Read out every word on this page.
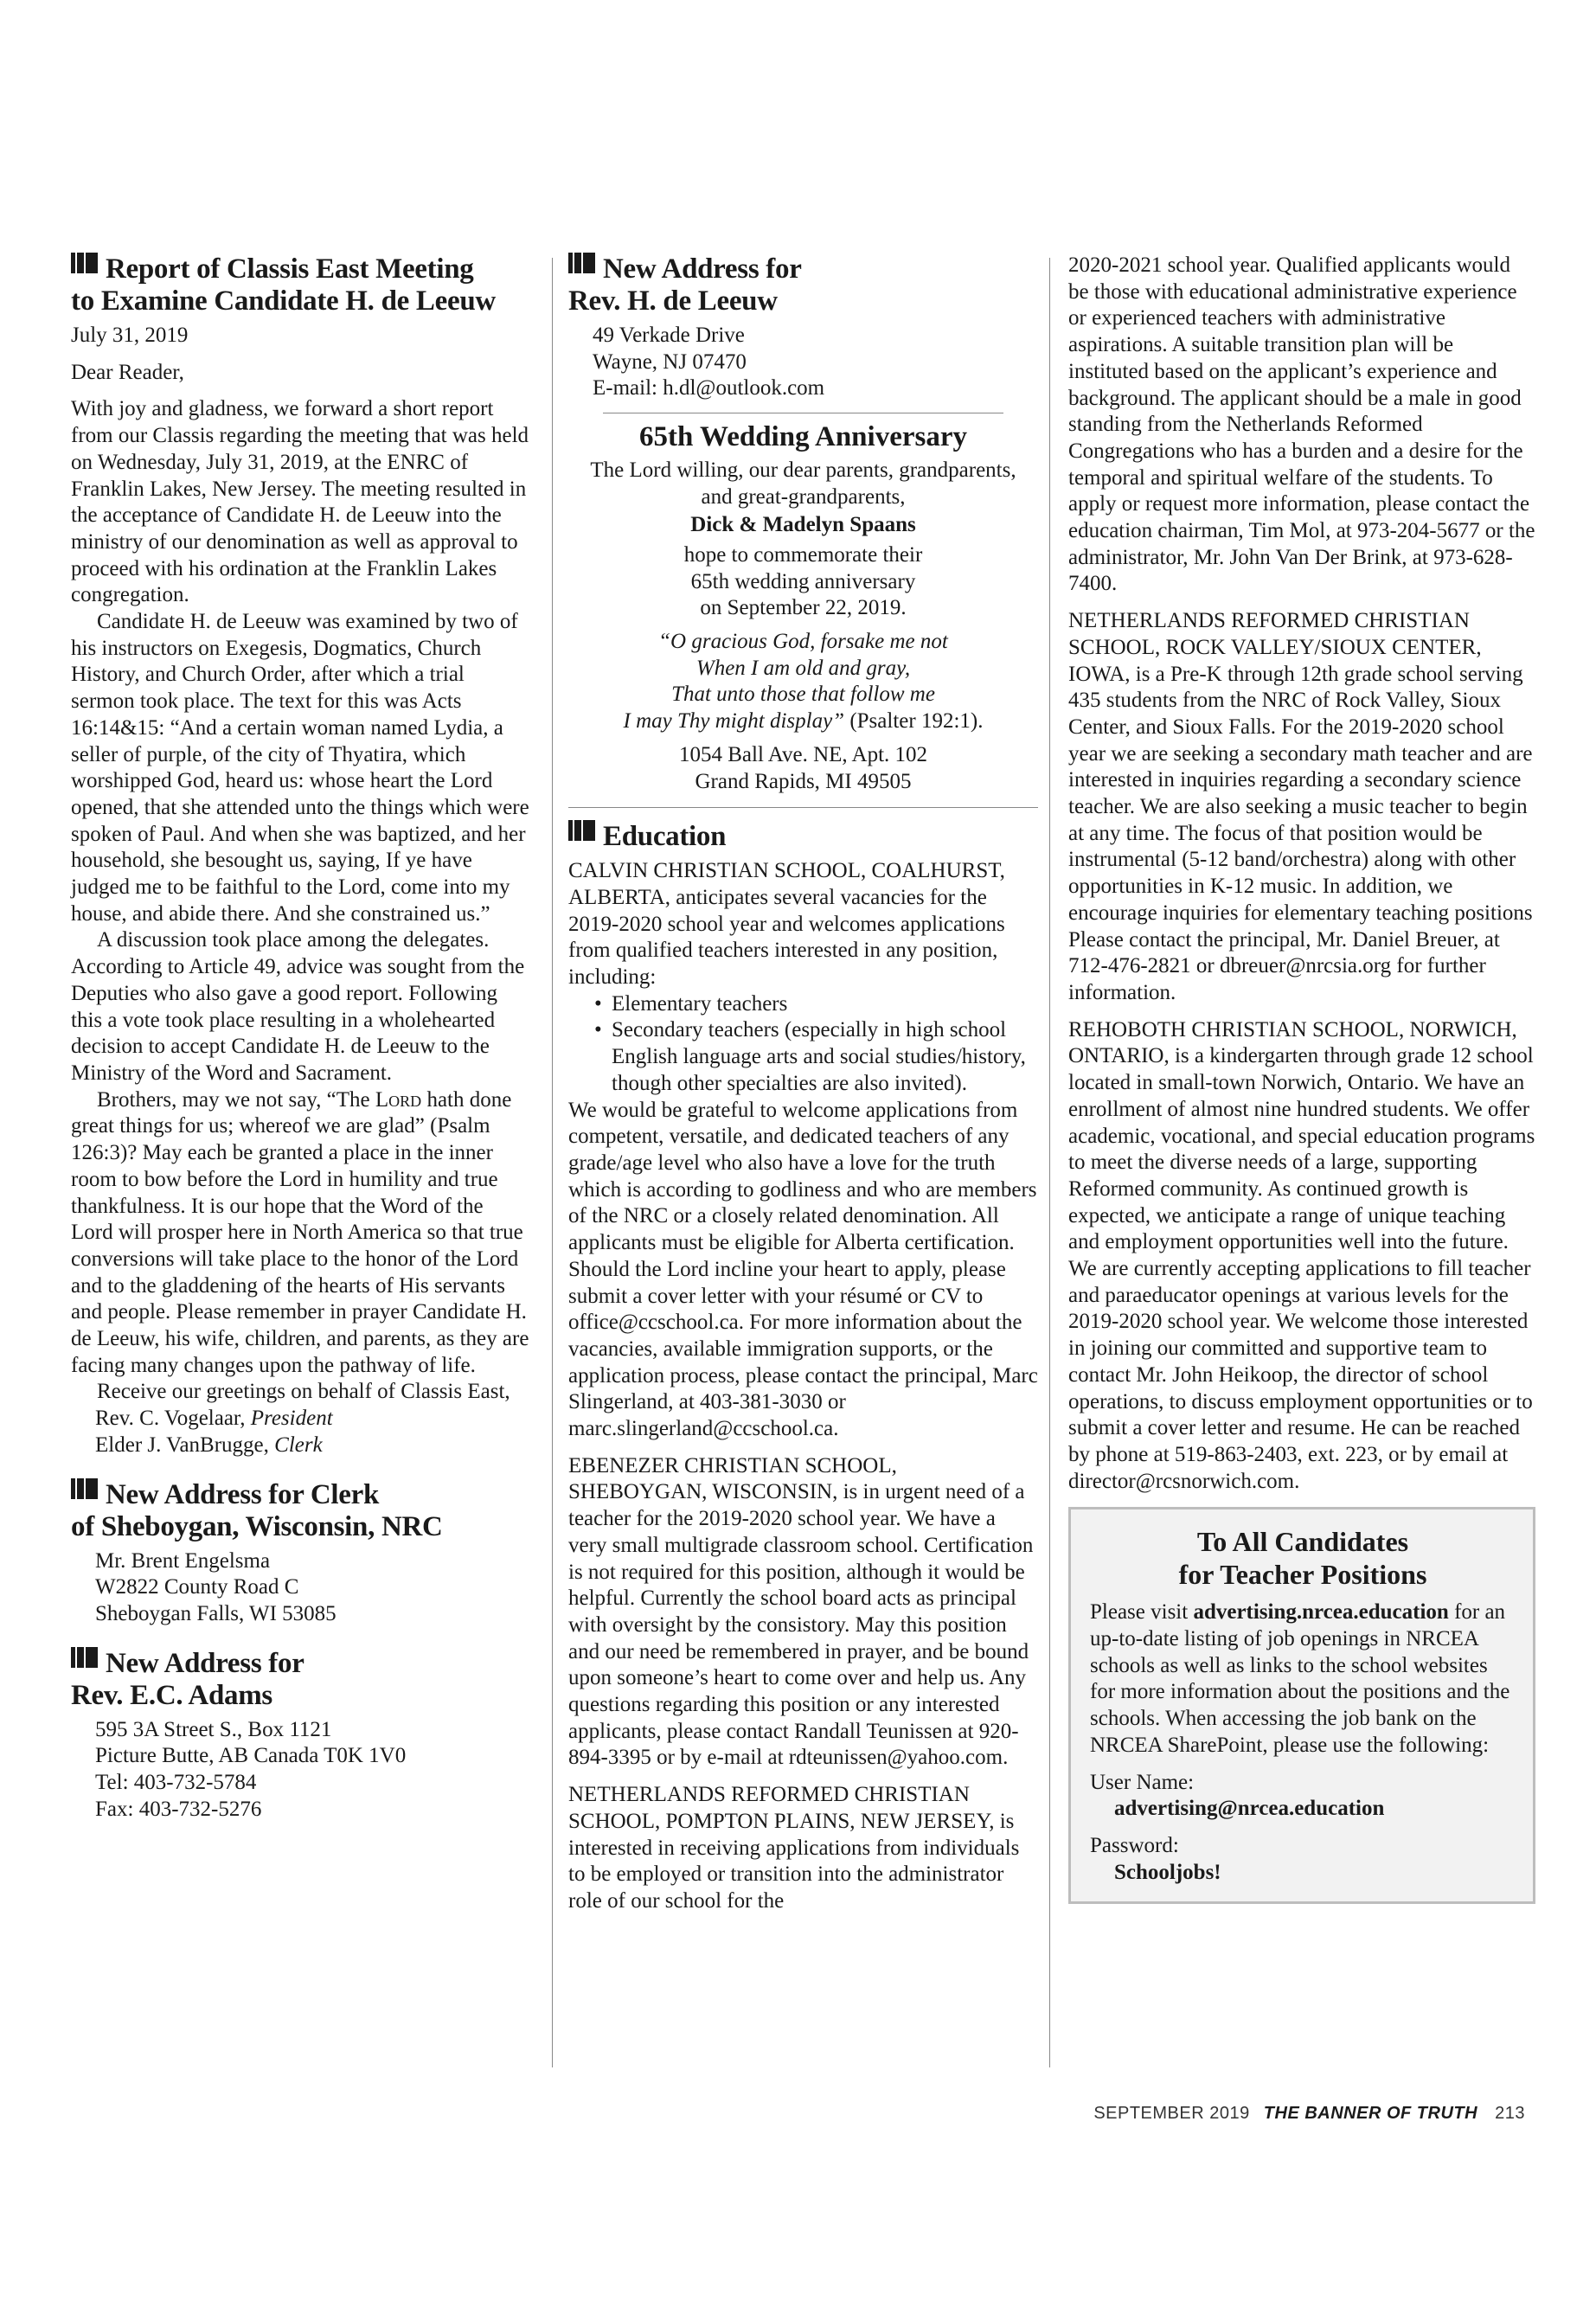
Report of Classis East Meeting
to Examine Candidate H. de Leeuw

July 31, 2019

Dear Reader,

With joy and gladness, we forward a short report from our Classis regarding the meeting that was held on Wednesday, July 31, 2019, at the ENRC of Franklin Lakes, New Jersey. The meeting resulted in the acceptance of Candidate H. de Leeuw into the ministry of our denomination as well as approval to proceed with his ordination at the Franklin Lakes congregation.

Candidate H. de Leeuw was examined by two of his instructors on Exegesis, Dogmatics, Church History, and Church Order, after which a trial sermon took place. The text for this was Acts 16:14&15: “And a certain woman named Lydia, a seller of purple, of the city of Thyatira, which worshipped God, heard us: whose heart the Lord opened, that she attended unto the things which were spoken of Paul. And when she was baptized, and her household, she besought us, saying, If ye have judged me to be faithful to the Lord, come into my house, and abide there. And she constrained us.”

A discussion took place among the delegates. According to Article 49, advice was sought from the Deputies who also gave a good report. Following this a vote took place resulting in a wholehearted decision to accept Candidate H. de Leeuw to the Ministry of the Word and Sacrament.

Brothers, may we not say, “The Lord hath done great things for us; whereof we are glad” (Psalm 126:3)? May each be granted a place in the inner room to bow before the Lord in humility and true thankfulness. It is our hope that the Word of the Lord will prosper here in North America so that true conversions will take place to the honor of the Lord and to the gladdening of the hearts of His servants and people. Please remember in prayer Candidate H. de Leeuw, his wife, children, and parents, as they are facing many changes upon the pathway of life.

Receive our greetings on behalf of Classis East,

Rev. C. Vogelaar, President

Elder J. VanBrugge, Clerk

New Address for Clerk
of Sheboygan, Wisconsin, NRC

Mr. Brent Engelsma

W2822 County Road C

Sheboygan Falls, WI 53085

New Address for
Rev. E.C. Adams

595 3A Street S., Box 1121

Picture Butte, AB Canada T0K 1V0

Tel: 403-732-5784

Fax: 403-732-5276

New Address for
Rev. H. de Leeuw

49 Verkade Drive

Wayne, NJ 07470

E-mail: h.dl@outlook.com

65th Wedding Anniversary

The Lord willing, our dear parents, grandparents, and great-grandparents,

Dick & Madelyn Spaans

hope to commemorate their

65th wedding anniversary

on September 22, 2019.

“O gracious God, forsake me not

When I am old and gray,

That unto those that follow me

I may Thy might display” (Psalter 192:1).

1054 Ball Ave. NE, Apt. 102

Grand Rapids, MI 49505

Education

CALVIN CHRISTIAN SCHOOL, COALHURST, ALBERTA, anticipates several vacancies for the 2019-2020 school year and welcomes applications from qualified teachers interested in any position, including:

• Elementary teachers
• Secondary teachers (especially in high school English language arts and social studies/history, though other specialties are also invited).

We would be grateful to welcome applications from competent, versatile, and dedicated teachers of any grade/age level who also have a love for the truth which is according to godliness and who are members of the NRC or a closely related denomination. All applicants must be eligible for Alberta certification. Should the Lord incline your heart to apply, please submit a cover letter with your résumé or CV to office@ccschool.ca. For more information about the vacancies, available immigration supports, or the application process, please contact the principal, Marc Slingerland, at 403-381-3030 or marc.slingerland@ccschool.ca.

EBENEZER CHRISTIAN SCHOOL, SHEBOYGAN, WISCONSIN, is in urgent need of a teacher for the 2019-2020 school year. We have a very small multigrade classroom school. Certification is not required for this position, although it would be helpful. Currently the school board acts as principal with oversight by the consistory. May this position and our need be remembered in prayer, and be bound upon someone’s heart to come over and help us. Any questions regarding this position or any interested applicants, please contact Randall Teunissen at 920-894-3395 or by e-mail at rdteunissen@yahoo.com.

NETHERLANDS REFORMED CHRISTIAN SCHOOL, POMPTON PLAINS, NEW JERSEY, is interested in receiving applications from individuals to be employed or transition into the administrator role of our school for the

2020-2021 school year. Qualified applicants would be those with educational administrative experience or experienced teachers with administrative aspirations. A suitable transition plan will be instituted based on the applicant’s experience and background. The applicant should be a male in good standing from the Netherlands Reformed Congregations who has a burden and a desire for the temporal and spiritual welfare of the students. To apply or request more information, please contact the education chairman, Tim Mol, at 973-204-5677 or the administrator, Mr. John Van Der Brink, at 973-628-7400.

NETHERLANDS REFORMED CHRISTIAN SCHOOL, ROCK VALLEY/SIOUX CENTER, IOWA, is a Pre-K through 12th grade school serving 435 students from the NRC of Rock Valley, Sioux Center, and Sioux Falls. For the 2019-2020 school year we are seeking a secondary math teacher and are interested in inquiries regarding a secondary science teacher. We are also seeking a music teacher to begin at any time. The focus of that position would be instrumental (5-12 band/orchestra) along with other opportunities in K-12 music. In addition, we encourage inquiries for elementary teaching positions Please contact the principal, Mr. Daniel Breuer, at 712-476-2821 or dbreuer@nrcsia.org for further information.

REHOBOTH CHRISTIAN SCHOOL, NORWICH, ONTARIO, is a kindergarten through grade 12 school located in small-town Norwich, Ontario. We have an enrollment of almost nine hundred students. We offer academic, vocational, and special education programs to meet the diverse needs of a large, supporting Reformed community. As continued growth is expected, we anticipate a range of unique teaching and employment opportunities well into the future. We are currently accepting applications to fill teacher and paraeducator openings at various levels for the 2019-2020 school year. We welcome those interested in joining our committed and supportive team to contact Mr. John Heikoop, the director of school operations, to discuss employment opportunities or to submit a cover letter and resume. He can be reached by phone at 519-863-2403, ext. 223, or by email at director@rcsnorwich.com.

To All Candidates
for Teacher Positions

Please visit advertising.nrcea.education for an up-to-date listing of job openings in NRCEA schools as well as links to the school websites for more information about the positions and the schools. When accessing the job bank on the NRCEA SharePoint, please use the following:

User Name:

advertising@nrcea.education

Password:

Schooljobs!

SEPTEMBER 2019 THE BANNER OF TRUTH 213
